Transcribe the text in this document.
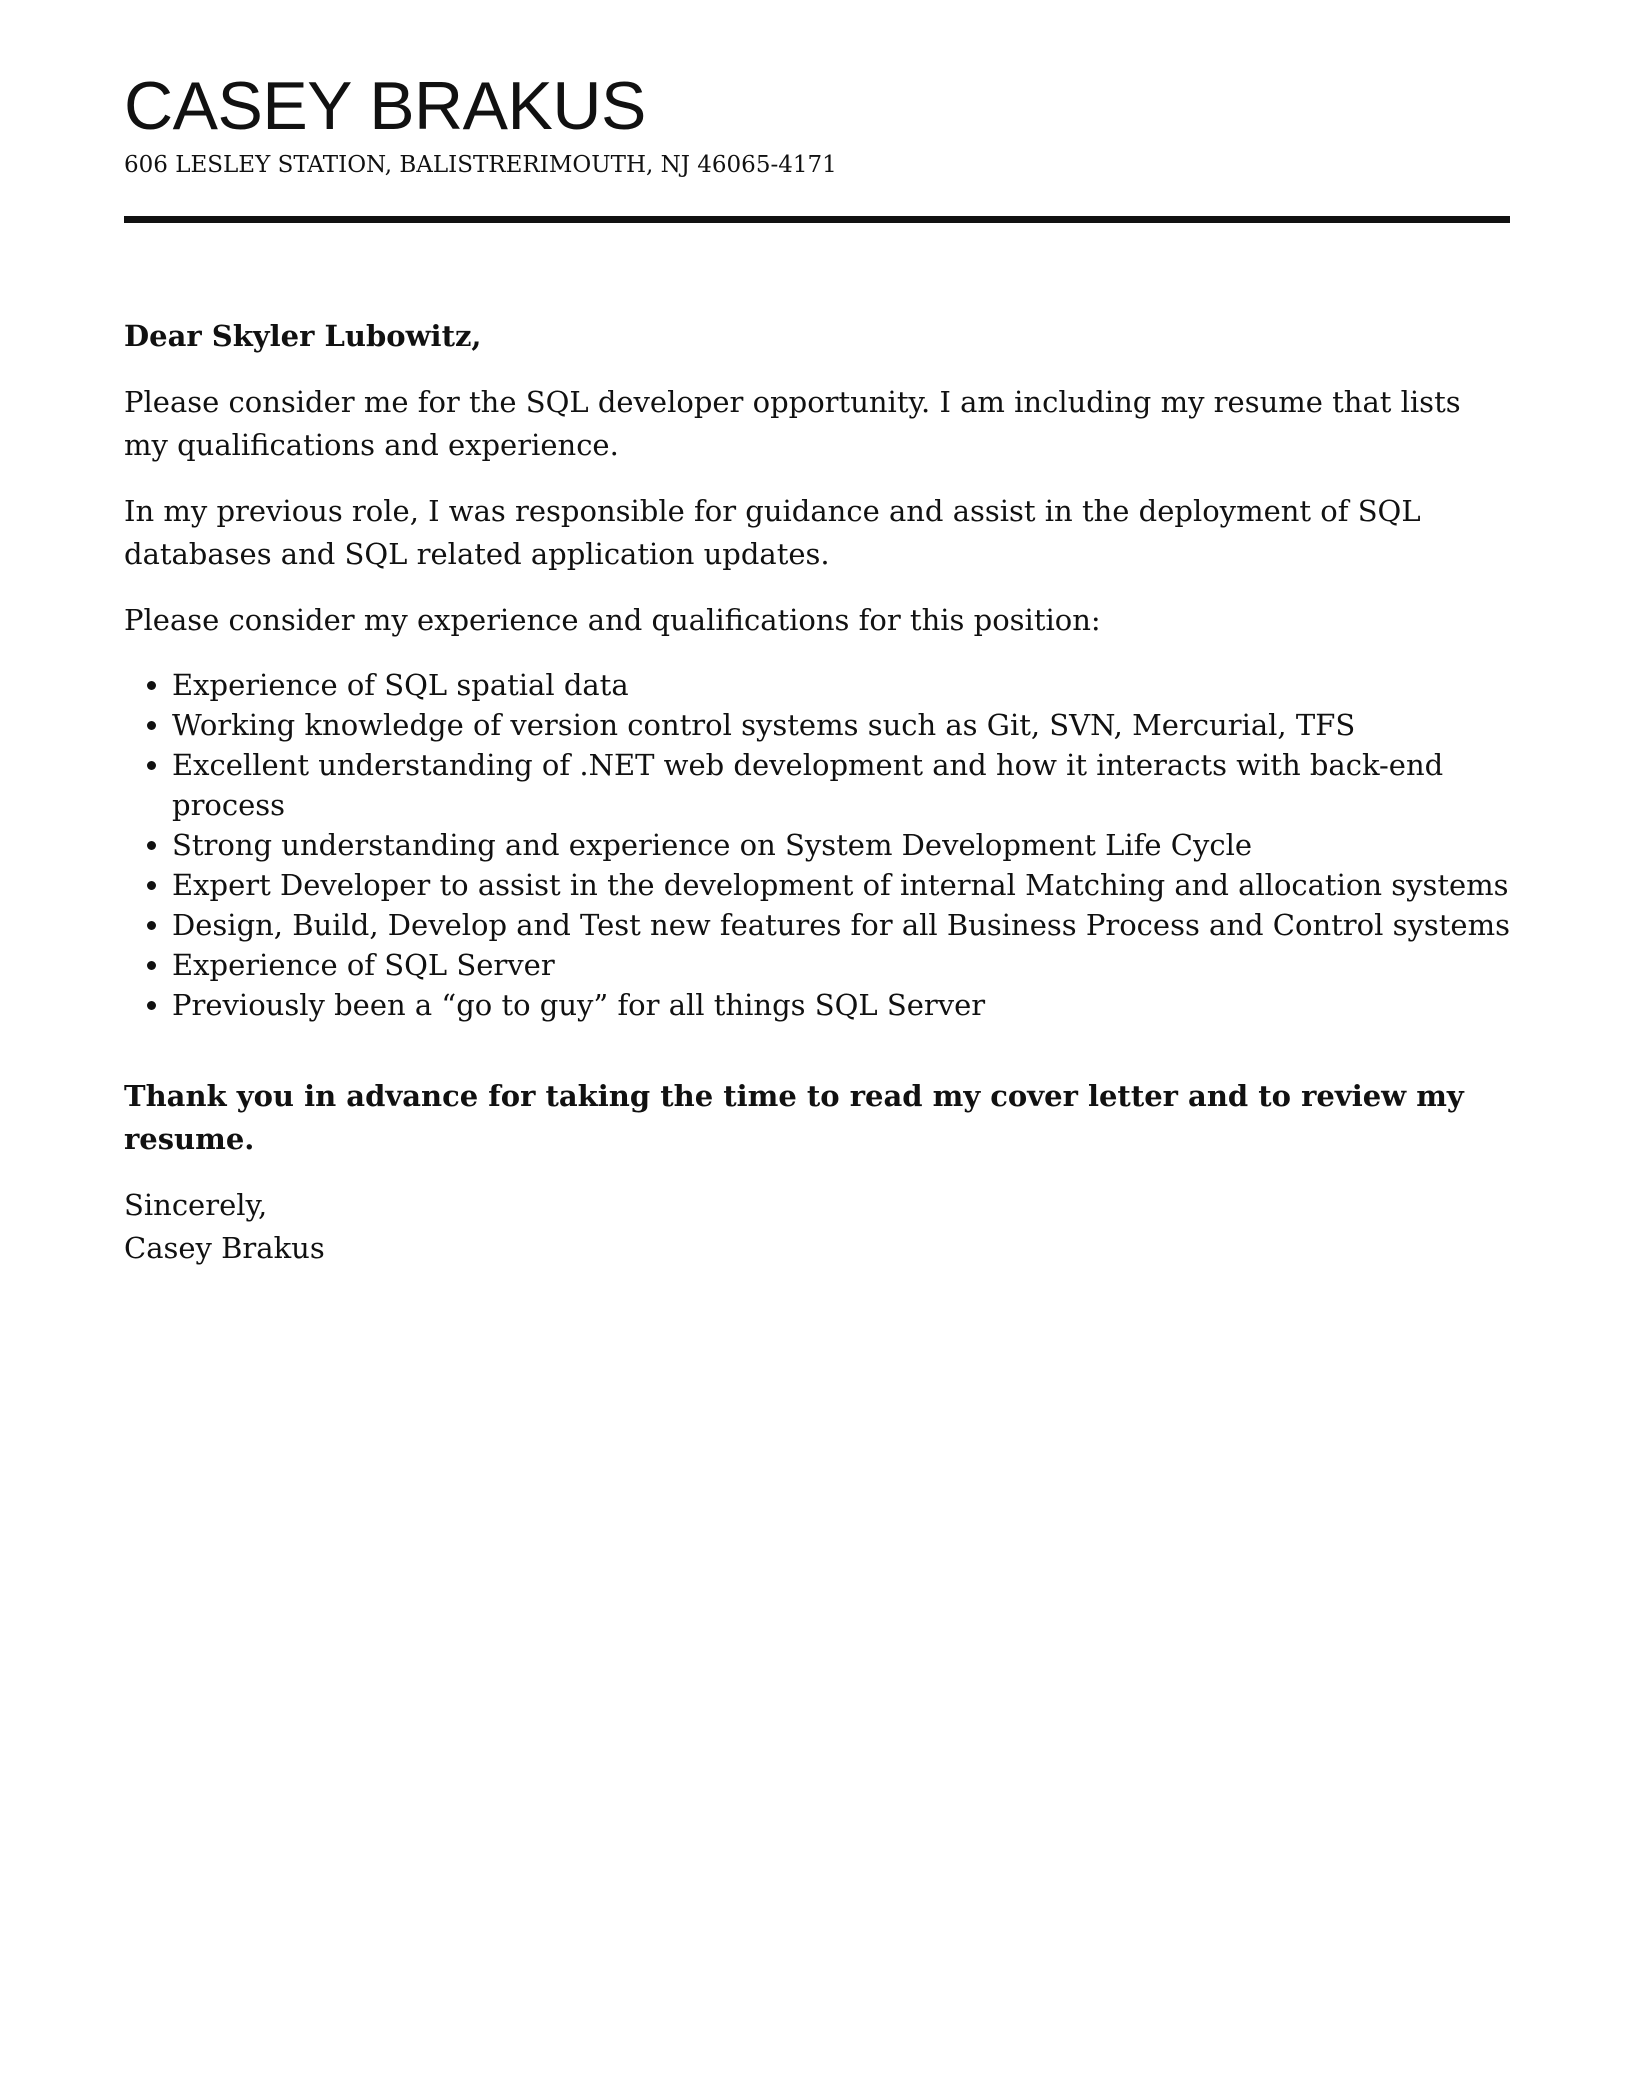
CASEY BRAKUS
606 LESLEY STATION, BALISTRERIMOUTH, NJ 46065-4171

Dear Skyler Lubowitz,

Please consider me for the SQL developer opportunity. I am including my resume that lists my qualifications and experience.

In my previous role, I was responsible for guidance and assist in the deployment of SQL databases and SQL related application updates.

Please consider my experience and qualifications for this position:

• Experience of SQL spatial data
• Working knowledge of version control systems such as Git, SVN, Mercurial, TFS
• Excellent understanding of .NET web development and how it interacts with back-end process
• Strong understanding and experience on System Development Life Cycle
• Expert Developer to assist in the development of internal Matching and allocation systems
• Design, Build, Develop and Test new features for all Business Process and Control systems
• Experience of SQL Server
• Previously been a “go to guy” for all things SQL Server

Thank you in advance for taking the time to read my cover letter and to review my resume.

Sincerely,
Casey Brakus
